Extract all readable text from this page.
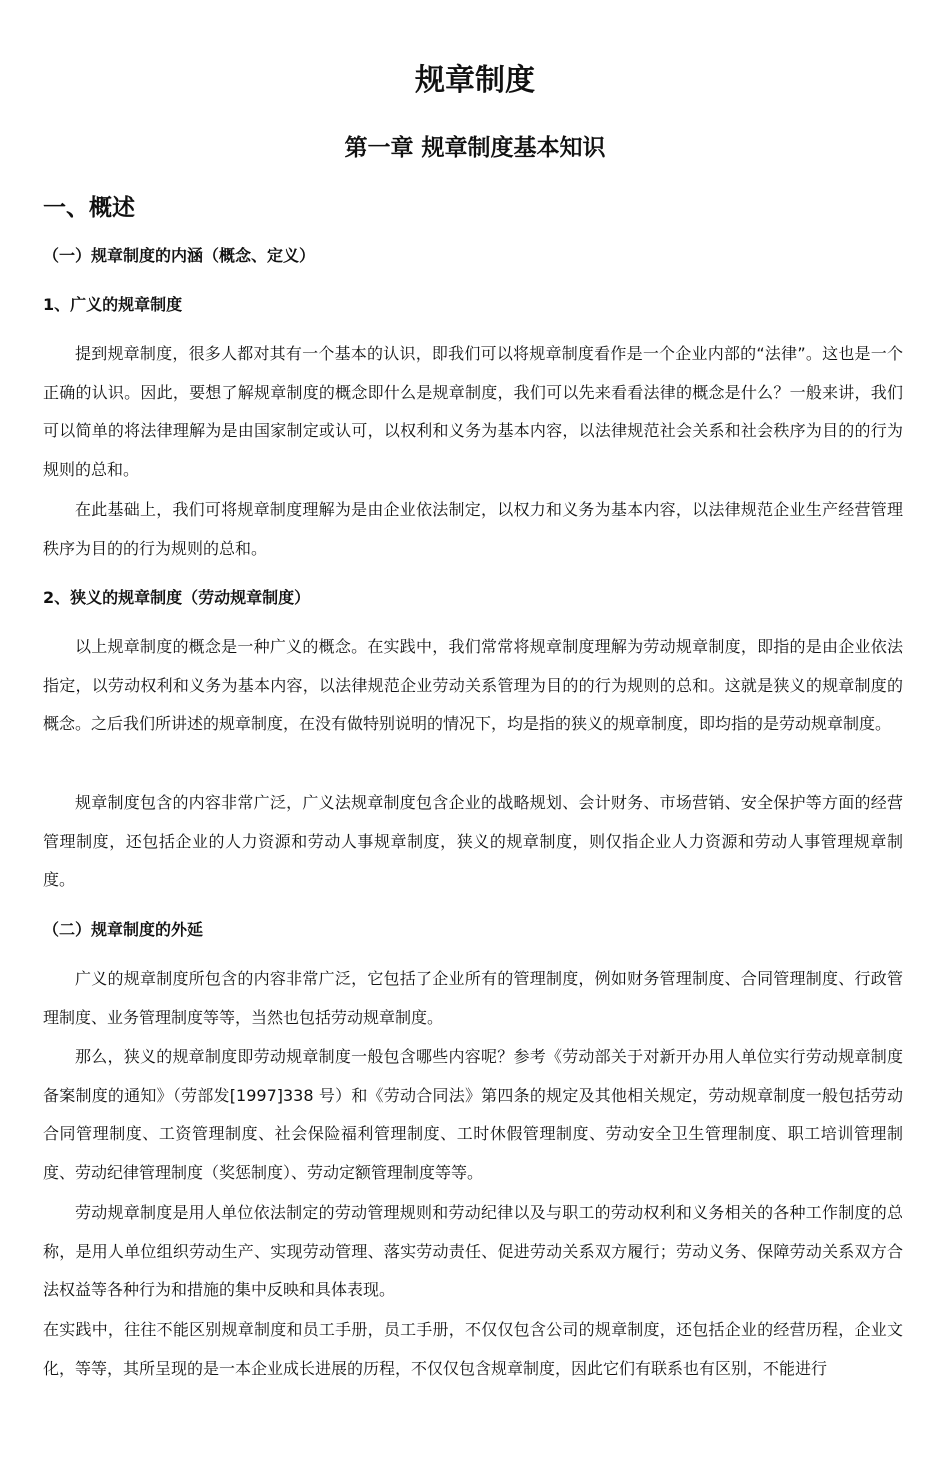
规章制度
第一章 规章制度基本知识
一、概述
（一）规章制度的内涵（概念、定义）
1、广义的规章制度

提到规章制度，很多人都对其有一个基本的认识，即我们可以将规章制度看作是一个企业内部的“法律”。这也是一个正确的认识。因此，要想了解规章制度的概念即什么是规章制度，我们可以先来看看法律的概念是什么？一般来讲，我们可以简单的将法律理解为是由国家制定或认可，以权利和义务为基本内容，以法律规范社会关系和社会秩序为目的的行为规则的总和。

在此基础上，我们可将规章制度理解为是由企业依法制定，以权力和义务为基本内容，以法律规范企业生产经营管理秩序为目的的行为规则的总和。

2、狭义的规章制度（劳动规章制度）

以上规章制度的概念是一种广义的概念。在实践中，我们常常将规章制度理解为劳动规章制度，即指的是由企业依法指定，以劳动权利和义务为基本内容，以法律规范企业劳动关系管理为目的的行为规则的总和。这就是狭义的规章制度的概念。之后我们所讲述的规章制度，在没有做特别说明的情况下，均是指的狭义的规章制度，即均指的是劳动规章制度。

规章制度包含的内容非常广泛，广义法规章制度包含企业的战略规划、会计财务、市场营销、安全保护等方面的经营管理制度，还包括企业的人力资源和劳动人事规章制度，狭义的规章制度，则仅指企业人力资源和劳动人事管理规章制度。

（二）规章制度的外延

广义的规章制度所包含的内容非常广泛，它包括了企业所有的管理制度，例如财务管理制度、合同管理制度、行政管理制度、业务管理制度等等，当然也包括劳动规章制度。

那么，狭义的规章制度即劳动规章制度一般包含哪些内容呢？参考《劳动部关于对新开办用人单位实行劳动规章制度备案制度的通知》（劳部发[1997]338 号）和《劳动合同法》第四条的规定及其他相关规定，劳动规章制度一般包括劳动合同管理制度、工资管理制度、社会保险福利管理制度、工时休假管理制度、劳动安全卫生管理制度、职工培训管理制度、劳动纪律管理制度（奖惩制度）、劳动定额管理制度等等。

劳动规章制度是用人单位依法制定的劳动管理规则和劳动纪律以及与职工的劳动权利和义务相关的各种工作制度的总称，是用人单位组织劳动生产、实现劳动管理、落实劳动责任、促进劳动关系双方履行；劳动义务、保障劳动关系双方合法权益等各种行为和措施的集中反映和具体表现。

在实践中，往往不能区别规章制度和员工手册，员工手册，不仅仅包含公司的规章制度，还包括企业的经营历程，企业文化，等等，其所呈现的是一本企业成长进展的历程，不仅仅包含规章制度，因此它们有联系也有区别，不能进行
